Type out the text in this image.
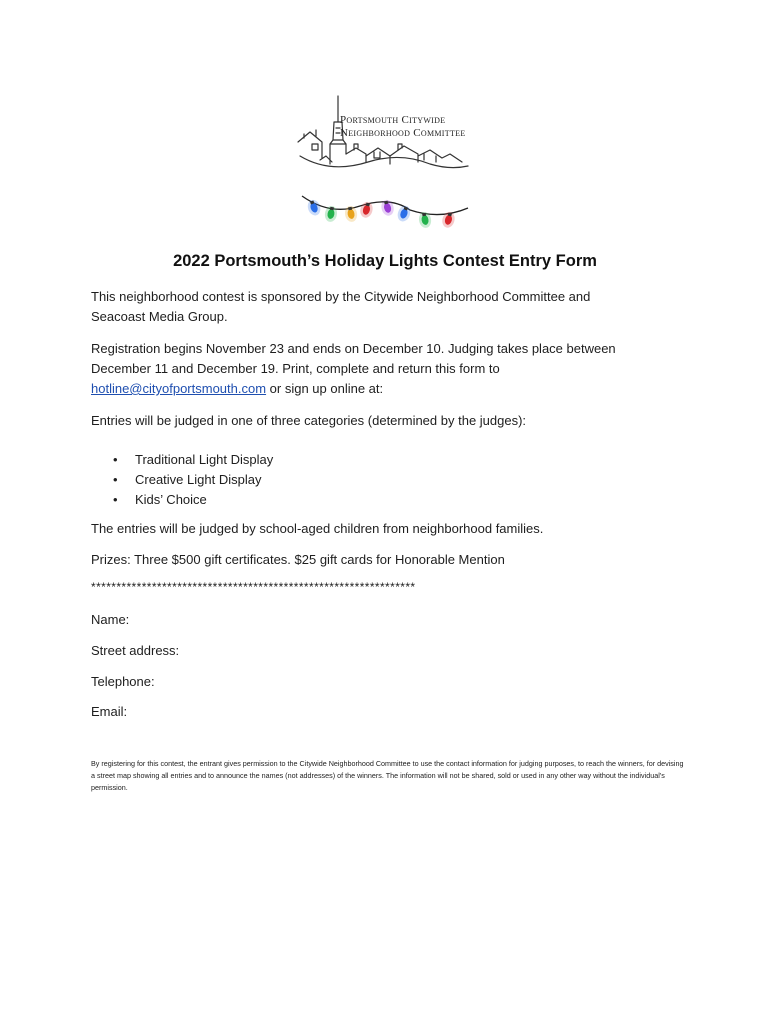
Portsmouth Citywide
Neighborhood Committee
2022 Portsmouth’s Holiday Lights Contest Entry Form
This neighborhood contest is sponsored by the Citywide Neighborhood Committee and
Seacoast Media Group.
Registration begins November 23 and ends on December 10. Judging takes place between
December 11 and December 19. Print, complete and return this form to
hotline@cityofportsmouth.com or sign up online at:
Entries will be judged in one of three categories (determined by the judges):
• Traditional Light Display
• Creative Light Display
• Kids’ Choice
The entries will be judged by school-aged children from neighborhood families.
Prizes: Three $500 gift certificates. $25 gift cards for Honorable Mention
****************************************************************
Name:
Street address:
Telephone:
Email:
By registering for this contest, the entrant gives permission to the Citywide Neighborhood Committee to use the contact information for judging purposes, to reach the winners, for devising a street map showing all entries and to announce the names (not addresses) of the winners. The information will not be shared, sold or used in any other way without the individual’s permission.
